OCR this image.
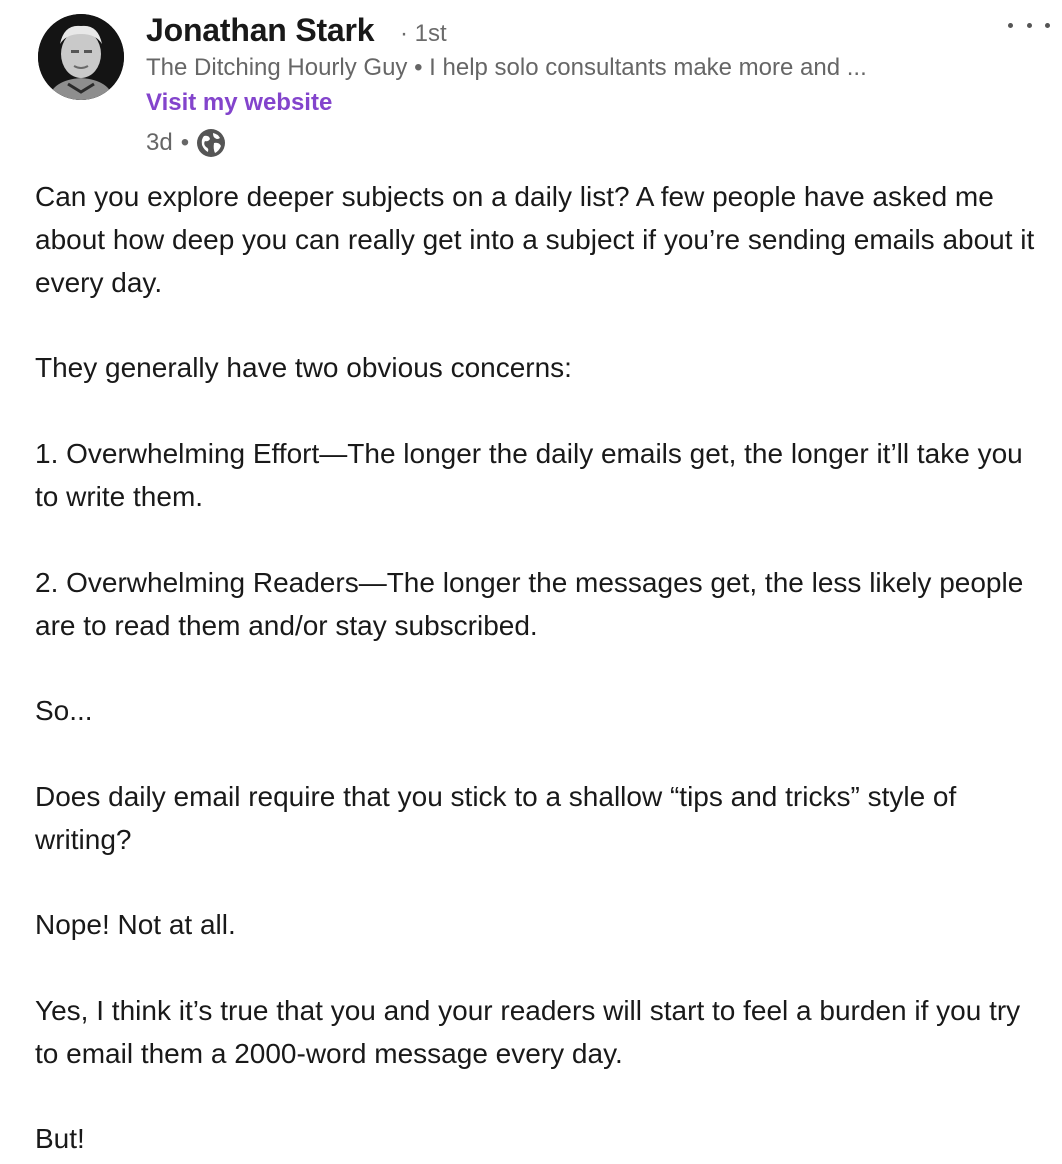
Jonathan Stark · 1st
The Ditching Hourly Guy • I help solo consultants make more and ...
Visit my website
3d •

Can you explore deeper subjects on a daily list? A few people have asked me about how deep you can really get into a subject if you’re sending emails about it every day.

They generally have two obvious concerns:

1. Overwhelming Effort—The longer the daily emails get, the longer it’ll take you to write them.

2. Overwhelming Readers—The longer the messages get, the less likely people are to read them and/or stay subscribed.

So...

Does daily email require that you stick to a shallow “tips and tricks” style of writing?

Nope! Not at all.

Yes, I think it’s true that you and your readers will start to feel a burden if you try to email them a 2000-word message every day.

But!
